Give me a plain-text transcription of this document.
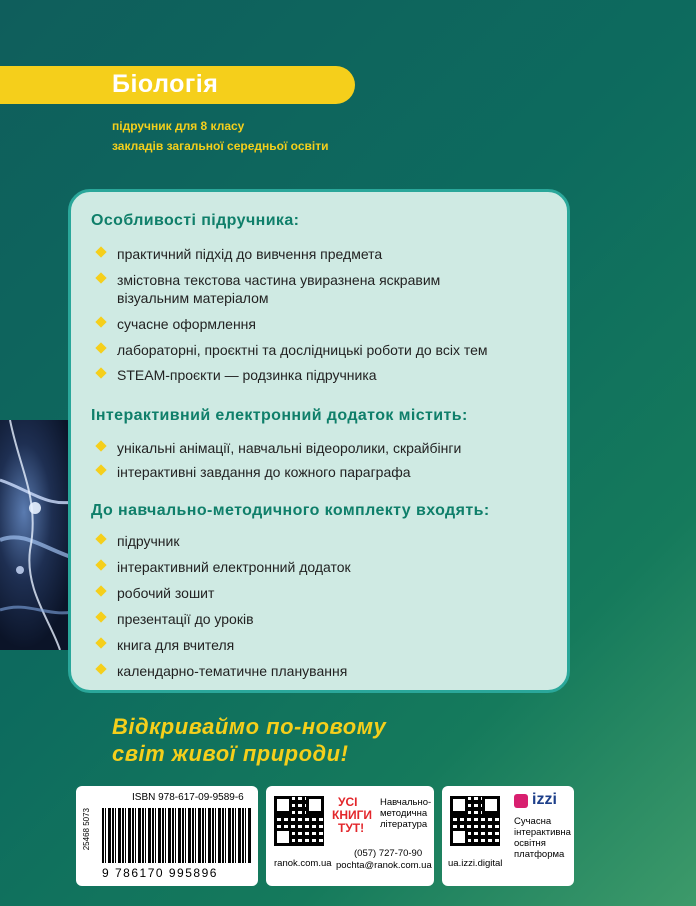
Біологія
підручник для 8 класу
закладів загальної середньої освіти
Особливості підручника:
практичний підхід до вивчення предмета
змістовна текстова частина увиразнена яскравим візуальним матеріалом
сучасне оформлення
лабораторні, проєктні та дослідницькі роботи до всіх тем
STEAM-проєкти — родзинка підручника
Інтерактивний електронний додаток містить:
унікальні анімації, навчальні відеоролики, скрайбінги
інтерактивні завдання до кожного параграфа
До навчально-методичного комплекту входять:
підручник
інтерактивний електронний додаток
робочий зошит
презентації до уроків
книга для вчителя
календарно-тематичне планування
Відкриваймо по-новому
світ живої природи!
ISBN 978-617-09-9589-6
25468 5073
9 786170 995896
УСІ
КНИГИ
ТУТ!
Навчально-
методична
література
ranok.com.ua
(057) 727-70-90
pochta@ranok.com.ua
izzi
Сучасна
інтерактивна
освітня
платформа
ua.izzi.digital
